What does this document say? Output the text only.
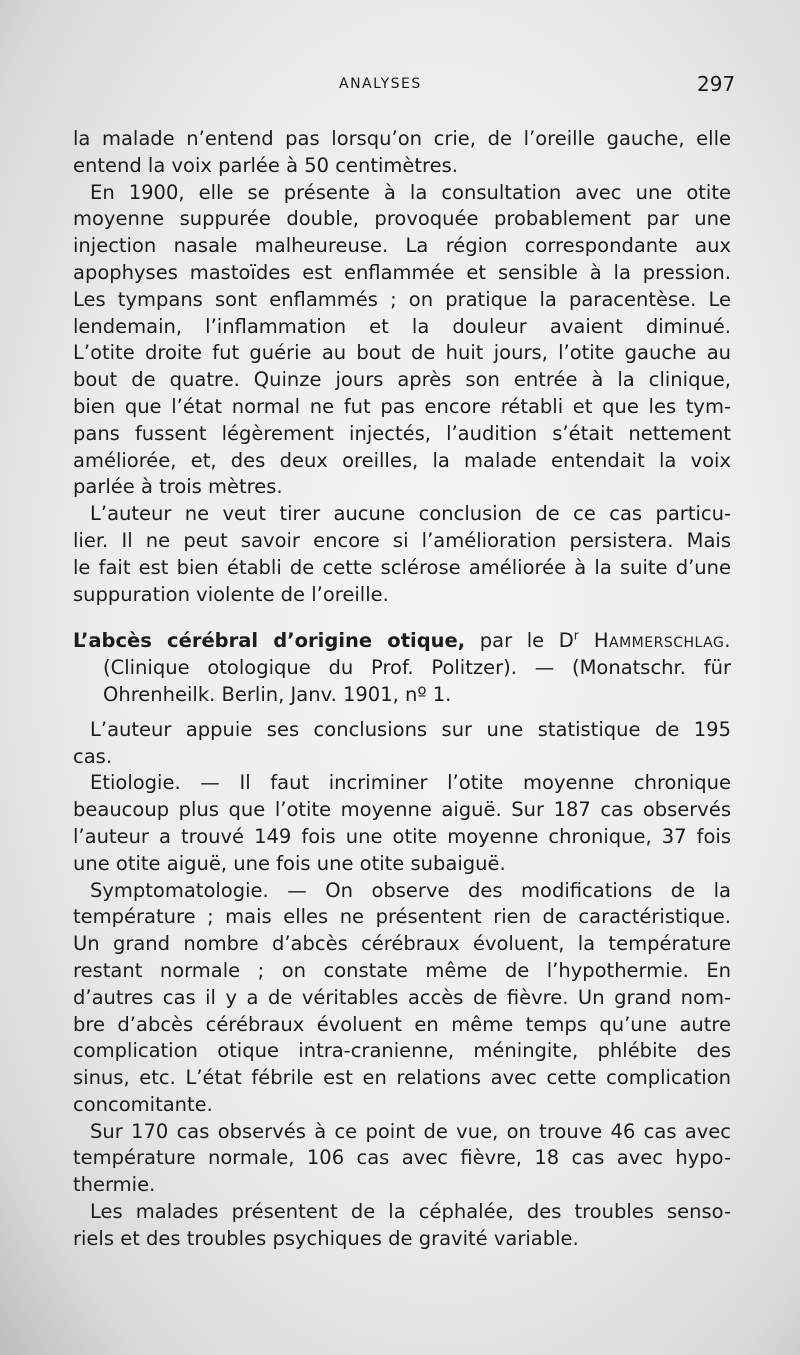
ANALYSES	297

la malade n’entend pas lorsqu’on crie, de l’oreille gauche, elle

entend la voix parlée à 50 centimètres.

En 1900, elle se présente à la consultation avec une otite

moyenne suppurée double, provoquée probablement par une

injection nasale malheureuse. La région correspondante aux

apophyses mastoïdes est enflammée et sensible à la pression.

Les tympans sont enflammés ; on pratique la paracentèse. Le

lendemain, l’inflammation et la douleur avaient diminué.

L’otite droite fut guérie au bout de huit jours, l’otite gauche au

bout de quatre. Quinze jours après son entrée à la clinique,

bien que l’état normal ne fut pas encore rétabli et que les tym-

pans fussent légèrement injectés, l’audition s’était nettement

améliorée, et, des deux oreilles, la malade entendait la voix

parlée à trois mètres.

L’auteur ne veut tirer aucune conclusion de ce cas particu-

lier. Il ne peut savoir encore si l’amélioration persistera. Mais

le fait est bien établi de cette sclérose améliorée à la suite d’une

suppuration violente de l’oreille.

L’abcès cérébral d’origine otique, par le $D^r$ Hammerschlag.

(Clinique otologique du Prof. Politzer). — (Monatschr. für

Ohrenheilk. Berlin, Janv. 1901, nº 1.

L’auteur appuie ses conclusions sur une statistique de 195

cas.

Etiologie. — Il faut incriminer l’otite moyenne chronique

beaucoup plus que l’otite moyenne aiguë. Sur 187 cas observés

l’auteur a trouvé 149 fois une otite moyenne chronique, 37 fois

une otite aiguë, une fois une otite subaiguë.

Symptomatologie. — On observe des modifications de la

température ; mais elles ne présentent rien de caractéristique.

Un grand nombre d’abcès cérébraux évoluent, la température

restant normale ; on constate même de l’hypothermie. En

d’autres cas il y a de véritables accès de fièvre. Un grand nom-

bre d’abcès cérébraux évoluent en même temps qu’une autre

complication otique intra-cranienne, méningite, phlébite des

sinus, etc. L’état fébrile est en relations avec cette complication

concomitante.

Sur 170 cas observés à ce point de vue, on trouve 46 cas avec

température normale, 106 cas avec fièvre, 18 cas avec hypo-

thermie.

Les malades présentent de la céphalée, des troubles senso-

riels et des troubles psychiques de gravité variable.
